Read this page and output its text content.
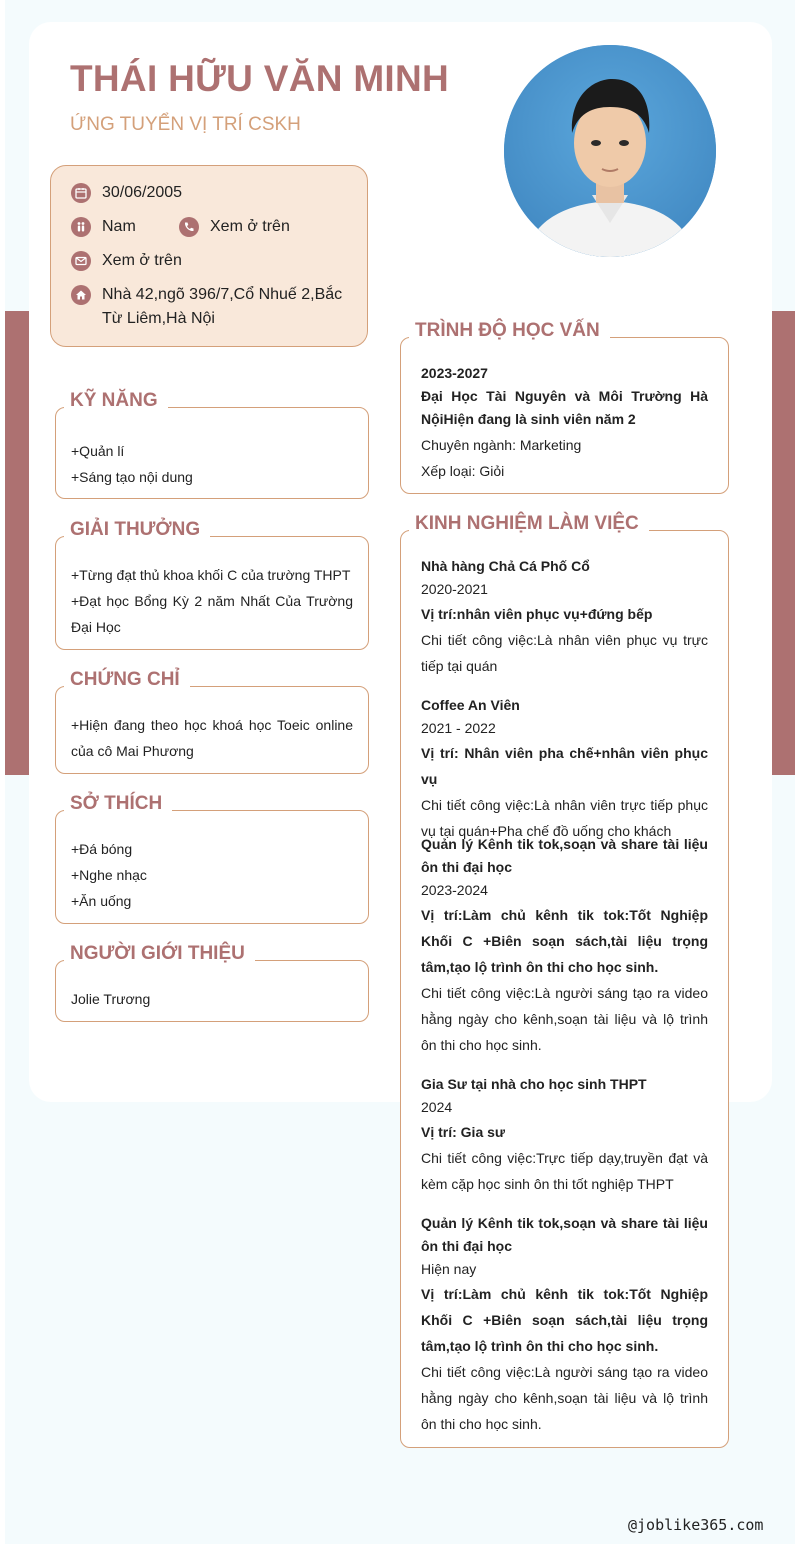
THÁI HỮU VĂN MINH
ỨNG TUYỂN VỊ TRÍ CSKH
30/06/2005
Nam	Xem ở trên
Xem ở trên
Nhà 42,ngõ 396/7,Cổ Nhuế 2,Bắc
Từ Liêm,Hà Nội
KỸ NĂNG

+Quản lí

+Sáng tạo nội dung

GIẢI THƯỞNG

+Từng đạt thủ khoa khối C của trường THPT

+Đạt học Bổng Kỳ 2 năm Nhất Của Trường Đại Học

CHỨNG CHỈ

+Hiện đang theo học khoá học Toeic online của cô Mai Phương

SỞ THÍCH

+Đá bóng

+Nghe nhạc

+Ăn uống

NGƯỜI GIỚI THIỆU

Jolie Trương

TRÌNH ĐỘ HỌC VẤN

2023-2027

Đại Học Tài Nguyên và Môi Trường Hà NộiHiện đang là sinh viên năm 2

Chuyên ngành: Marketing

Xếp loại: Giỏi

KINH NGHIỆM LÀM VIỆC

Nhà hàng Chả Cá Phố Cổ

2020-2021

Vị trí:nhân viên phục vụ+đứng bếp

Chi tiết công việc:Là nhân viên phục vụ trực tiếp tại quán

Coffee An Viên

2021 - 2022

Vị trí: Nhân viên pha chế+nhân viên phục vụ

Chi tiết công việc:Là nhân viên trực tiếp phục vụ tại quán+Pha chế đồ uống cho khách

Quản lý Kênh tik tok,soạn và share tài liệu ôn thi đại học

2023-2024

Vị trí:Làm chủ kênh tik tok:Tốt Nghiệp Khối C +Biên soạn sách,tài liệu trọng tâm,tạo lộ trình ôn thi cho học sinh.

Chi tiết công việc:Là người sáng tạo ra video hằng ngày cho kênh,soạn tài liệu và lộ trình ôn thi cho học sinh.

Gia Sư tại nhà cho học sinh THPT

2024

Vị trí: Gia sư

Chi tiết công việc:Trực tiếp dạy,truyền đạt và kèm cặp học sinh ôn thi tốt nghiệp THPT

Quản lý Kênh tik tok,soạn và share tài liệu ôn thi đại học

Hiện nay

Vị trí:Làm chủ kênh tik tok:Tốt Nghiệp Khối C +Biên soạn sách,tài liệu trọng tâm,tạo lộ trình ôn thi cho học sinh.

Chi tiết công việc:Là người sáng tạo ra video hằng ngày cho kênh,soạn tài liệu và lộ trình ôn thi cho học sinh.

@joblike365.com
